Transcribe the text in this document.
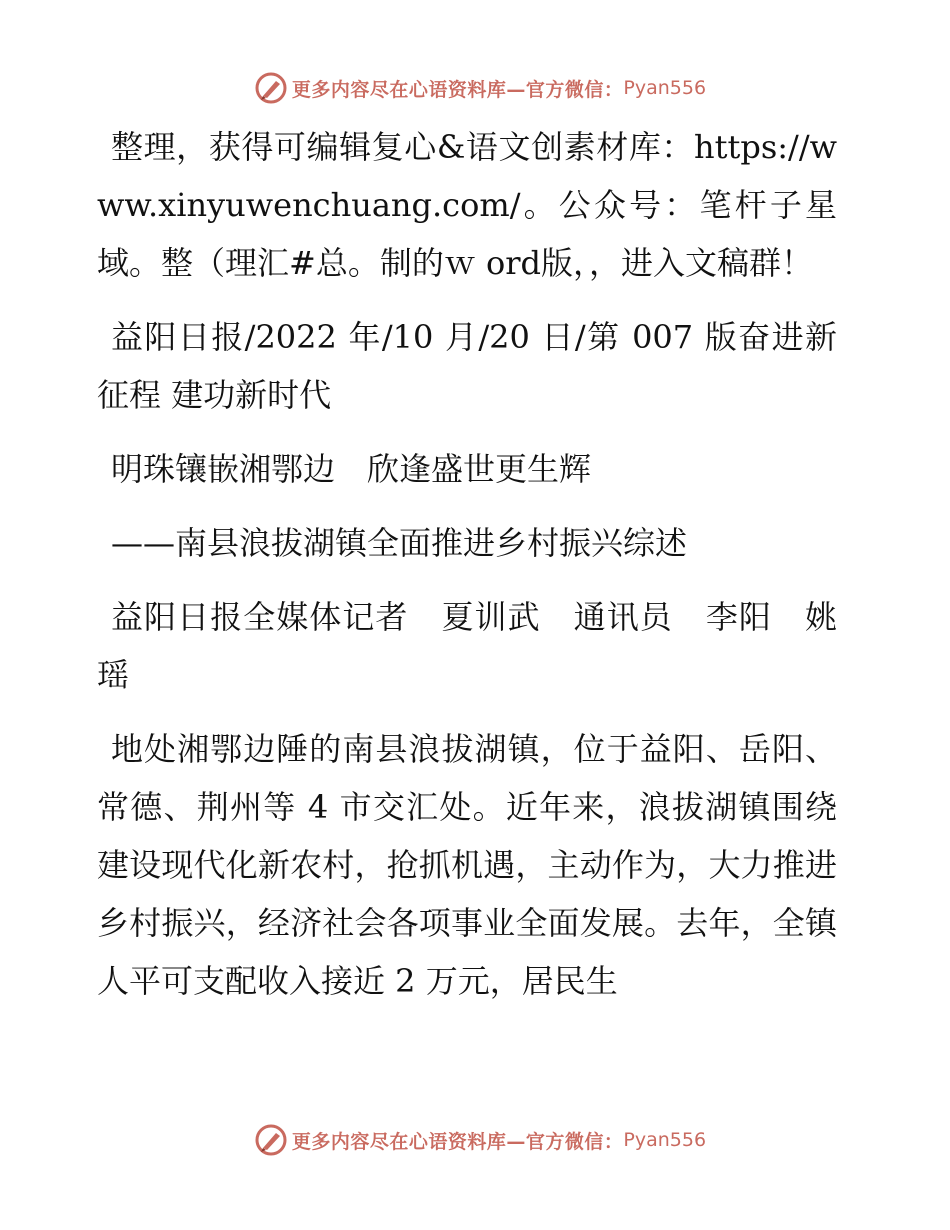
更多内容尽在心语资料库—官方微信： Pyan556

整理，获得可编辑复心&语文创素材库：https://www.xinyuwenchuang.com/。公众号：笔杆子星域。整（理汇#总。制的ｗ ord版，，进入文稿群！

益阳日报/2022 年/10 月/20 日/第 007 版奋进新征程 建功新时代

明珠镶嵌湘鄂边　欣逢盛世更生辉

——南县浪拔湖镇全面推进乡村振兴综述

益阳日报全媒体记者　夏训武　通讯员　李阳　姚瑶

地处湘鄂边陲的南县浪拔湖镇，位于益阳、岳阳、常德、荆州等 4 市交汇处。近年来，浪拔湖镇围绕建设现代化新农村，抢抓机遇，主动作为，大力推进乡村振兴，经济社会各项事业全面发展。去年，全镇人平可支配收入接近 2 万元，居民生

更多内容尽在心语资料库—官方微信： Pyan556
